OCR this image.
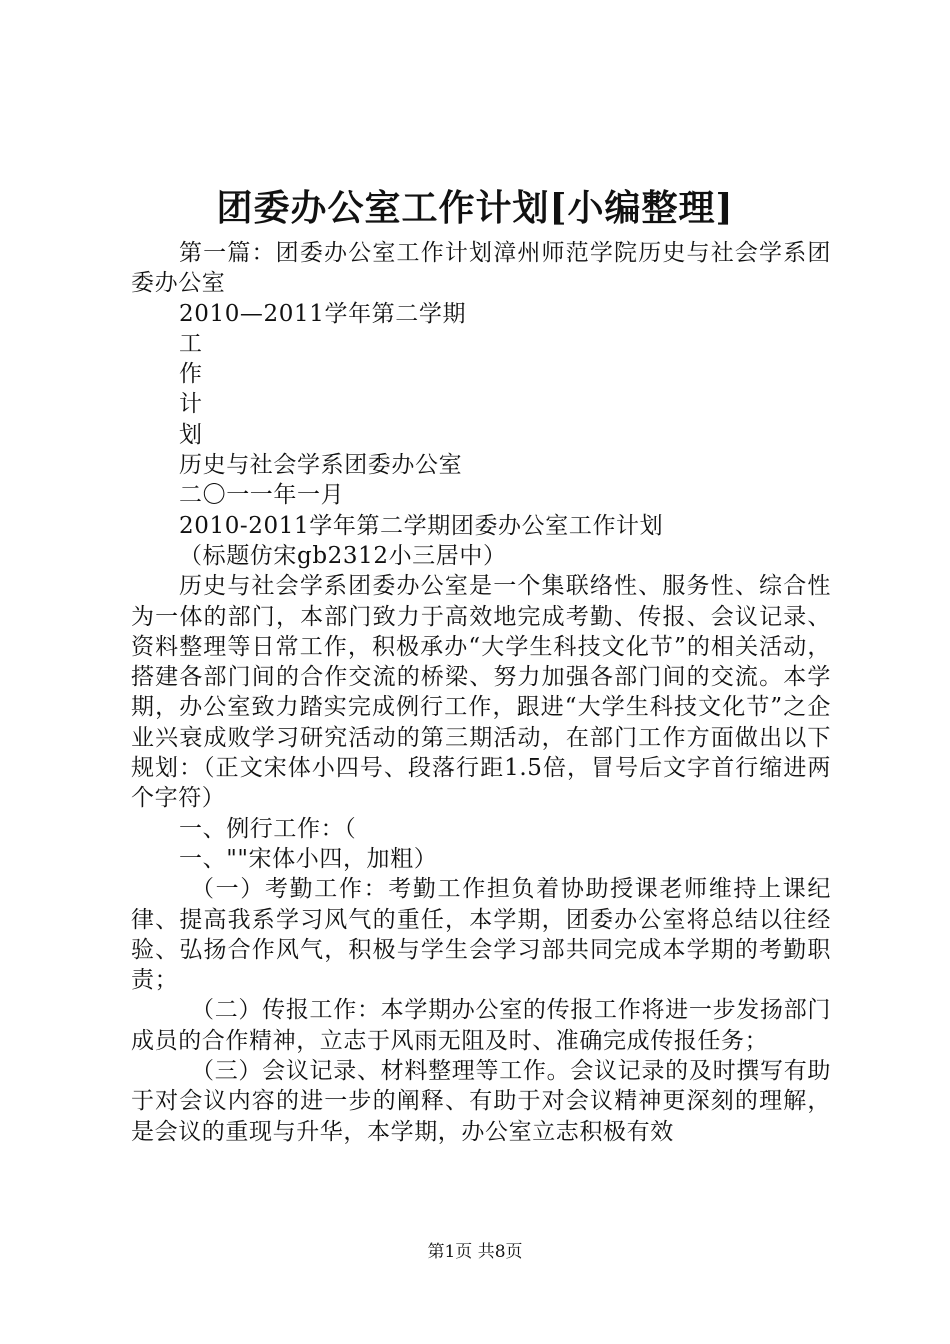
团委办公室工作计划[小编整理]

第一篇：团委办公室工作计划漳州师范学院历史与社会学系团委办公室

2010—2011学年第二学期

工

作

计

划

历史与社会学系团委办公室

二〇一一年一月

2010-2011学年第二学期团委办公室工作计划

（标题仿宋gb2312小三居中）

历史与社会学系团委办公室是一个集联络性、服务性、综合性为一体的部门，本部门致力于高效地完成考勤、传报、会议记录、资料整理等日常工作，积极承办“大学生科技文化节”的相关活动，搭建各部门间的合作交流的桥梁、努力加强各部门间的交流。本学期，办公室致力踏实完成例行工作，跟进“大学生科技文化节”之企业兴衰成败学习研究活动的第三期活动，在部门工作方面做出以下规划：（正文宋体小四号、段落行距1.5倍，冒号后文字首行缩进两个字符）

一、例行工作：（

一、""宋体小四，加粗）

（一）考勤工作：考勤工作担负着协助授课老师维持上课纪律、提高我系学习风气的重任，本学期，团委办公室将总结以往经验、弘扬合作风气，积极与学生会学习部共同完成本学期的考勤职责；

（二）传报工作：本学期办公室的传报工作将进一步发扬部门成员的合作精神，立志于风雨无阻及时、准确完成传报任务；

（三）会议记录、材料整理等工作。会议记录的及时撰写有助于对会议内容的进一步的阐释、有助于对会议精神更深刻的理解，是会议的重现与升华，本学期，办公室立志积极有效

第1页 共8页
